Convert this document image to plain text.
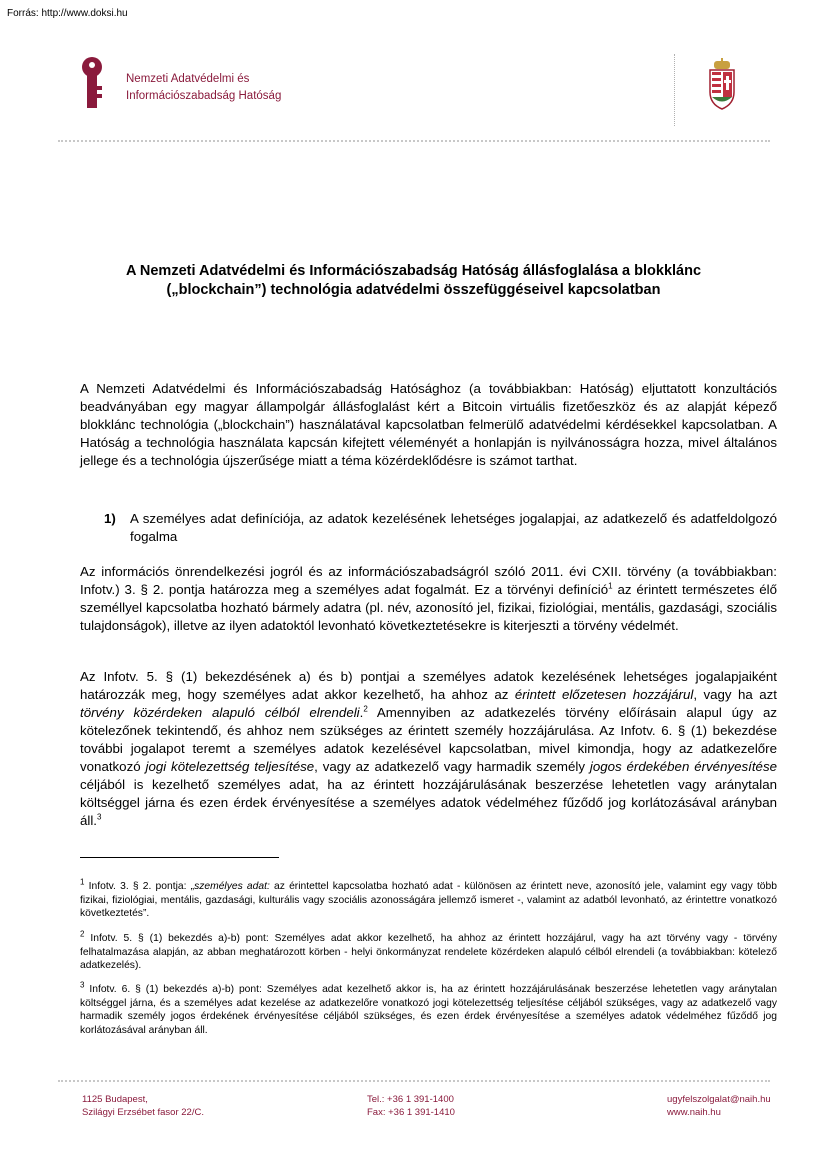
Forrás: http://www.doksi.hu
Nemzeti Adatvédelmi és
Információszabadság Hatóság
A Nemzeti Adatvédelmi és Információszabadság Hatóság állásfoglalása a blokklánc
(„blockchain”) technológia adatvédelmi összefüggéseivel kapcsolatban
A Nemzeti Adatvédelmi és Információszabadság Hatósághoz (a továbbiakban: Hatóság) eljuttatott konzultációs beadványában egy magyar állampolgár állásfoglalást kért a Bitcoin virtuális fizetőeszköz és az alapját képező blokklánc technológia („blockchain”) használatával kapcsolatban felmerülő adatvédelmi kérdésekkel kapcsolatban. A Hatóság a technológia használata kapcsán kifejtett véleményét a honlapján is nyilvánosságra hozza, mivel általános jellege és a technológia újszerűsége miatt a téma közérdeklődésre is számot tarthat.
1) A személyes adat definíciója, az adatok kezelésének lehetséges jogalapjai, az adatkezelő és adatfeldolgozó fogalma
Az információs önrendelkezési jogról és az információszabadságról szóló 2011. évi CXII. törvény (a továbbiakban: Infotv.) 3. § 2. pontja határozza meg a személyes adat fogalmát. Ez a törvényi definíció$^1$ az érintett természetes élő személlyel kapcsolatba hozható bármely adatra (pl. név, azonosító jel, fizikai, fiziológiai, mentális, gazdasági, szociális tulajdonságok), illetve az ilyen adatoktól levonható következtetésekre is kiterjeszti a törvény védelmét.
Az Infotv. 5. § (1) bekezdésének a) és b) pontjai a személyes adatok kezelésének lehetséges jogalapjaiként határozzák meg, hogy személyes adat akkor kezelhető, ha ahhoz az érintett előzetesen hozzájárul, vagy ha azt törvény közérdeken alapuló célból elrendeli.$^2$ Amennyiben az adatkezelés törvény előírásain alapul úgy az kötelezőnek tekintendő, és ahhoz nem szükséges az érintett személy hozzájárulása. Az Infotv. 6. § (1) bekezdése további jogalapot teremt a személyes adatok kezelésével kapcsolatban, mivel kimondja, hogy az adatkezelőre vonatkozó jogi kötelezettség teljesítése, vagy az adatkezelő vagy harmadik személy jogos érdekében érvényesítése céljából is kezelhető személyes adat, ha az érintett hozzájárulásának beszerzése lehetetlen vagy aránytalan költséggel járna és ezen érdek érvényesítése a személyes adatok védelméhez fűződő jog korlátozásával arányban áll.$^3$
$^1$ Infotv. 3. § 2. pontja: „személyes adat: az érintettel kapcsolatba hozható adat - különösen az érintett neve, azonosító jele, valamint egy vagy több fizikai, fiziológiai, mentális, gazdasági, kulturális vagy szociális azonosságára jellemző ismeret -, valamint az adatból levonható, az érintettre vonatkozó következtetés”.
$^2$ Infotv. 5. § (1) bekezdés a)-b) pont: Személyes adat akkor kezelhető, ha ahhoz az érintett hozzájárul, vagy ha azt törvény vagy - törvény felhatalmazása alapján, az abban meghatározott körben - helyi önkormányzat rendelete közérdeken alapuló célból elrendeli (a továbbiakban: kötelező adatkezelés).
$^3$ Infotv. 6. § (1) bekezdés a)-b) pont: Személyes adat kezelhető akkor is, ha az érintett hozzájárulásának beszerzése lehetetlen vagy aránytalan költséggel járna, és a személyes adat kezelése az adatkezelőre vonatkozó jogi kötelezettség teljesítése céljából szükséges, vagy az adatkezelő vagy harmadik személy jogos érdekének érvényesítése céljából szükséges, és ezen érdek érvényesítése a személyes adatok védelméhez fűződő jog korlátozásával arányban áll.
1125 Budapest,
Szilágyi Erzsébet fasor 22/C.
Tel.: +36 1 391-1400
Fax: +36 1 391-1410
ugyfelszolgalat@naih.hu
www.naih.hu
